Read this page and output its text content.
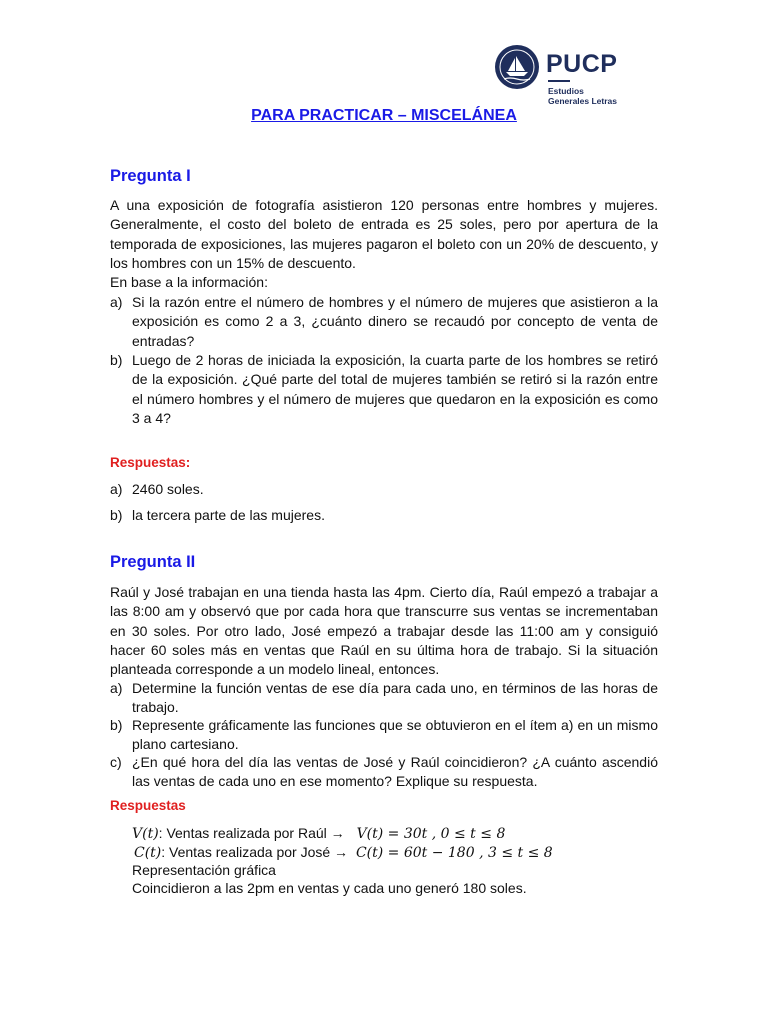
PUCP
Estudios
Generales Letras
PARA PRACTICAR – MISCELÁNEA
Pregunta I
A una exposición de fotografía asistieron 120 personas entre hombres y mujeres. Generalmente, el costo del boleto de entrada es 25 soles, pero por apertura de la temporada de exposiciones, las mujeres pagaron el boleto con un 20% de descuento, y los hombres con un 15% de descuento.
En base a la información:
a) Si la razón entre el número de hombres y el número de mujeres que asistieron a la exposición es como 2 a 3, ¿cuánto dinero se recaudó por concepto de venta de entradas?
b) Luego de 2 horas de iniciada la exposición, la cuarta parte de los hombres se retiró de la exposición. ¿Qué parte del total de mujeres también se retiró si la razón entre el número hombres y el número de mujeres que quedaron en la exposición es como 3 a 4?
Respuestas:
a) 2460 soles.
b) la tercera parte de las mujeres.
Pregunta II
Raúl y José trabajan en una tienda hasta las 4pm. Cierto día, Raúl empezó a trabajar a las 8:00 am y observó que por cada hora que transcurre sus ventas se incrementaban en 30 soles. Por otro lado, José empezó a trabajar desde las 11:00 am y consiguió hacer 60 soles más en ventas que Raúl en su última hora de trabajo. Si la situación planteada corresponde a un modelo lineal, entonces.
a) Determine la función ventas de ese día para cada uno, en términos de las horas de trabajo.
b) Represente gráficamente las funciones que se obtuvieron en el ítem a) en un mismo plano cartesiano.
c) ¿En qué hora del día las ventas de José y Raúl coincidieron? ¿A cuánto ascendió las ventas de cada uno en ese momento? Explique su respuesta.
Respuestas
V(t): Ventas realizada por Raúl → V(t) = 30t , 0 ≤ t ≤ 8
C(t): Ventas realizada por José → C(t) = 60t − 180 , 3 ≤ t ≤ 8
Representación gráfica
Coincidieron a las 2pm en ventas y cada uno generó 180 soles.
